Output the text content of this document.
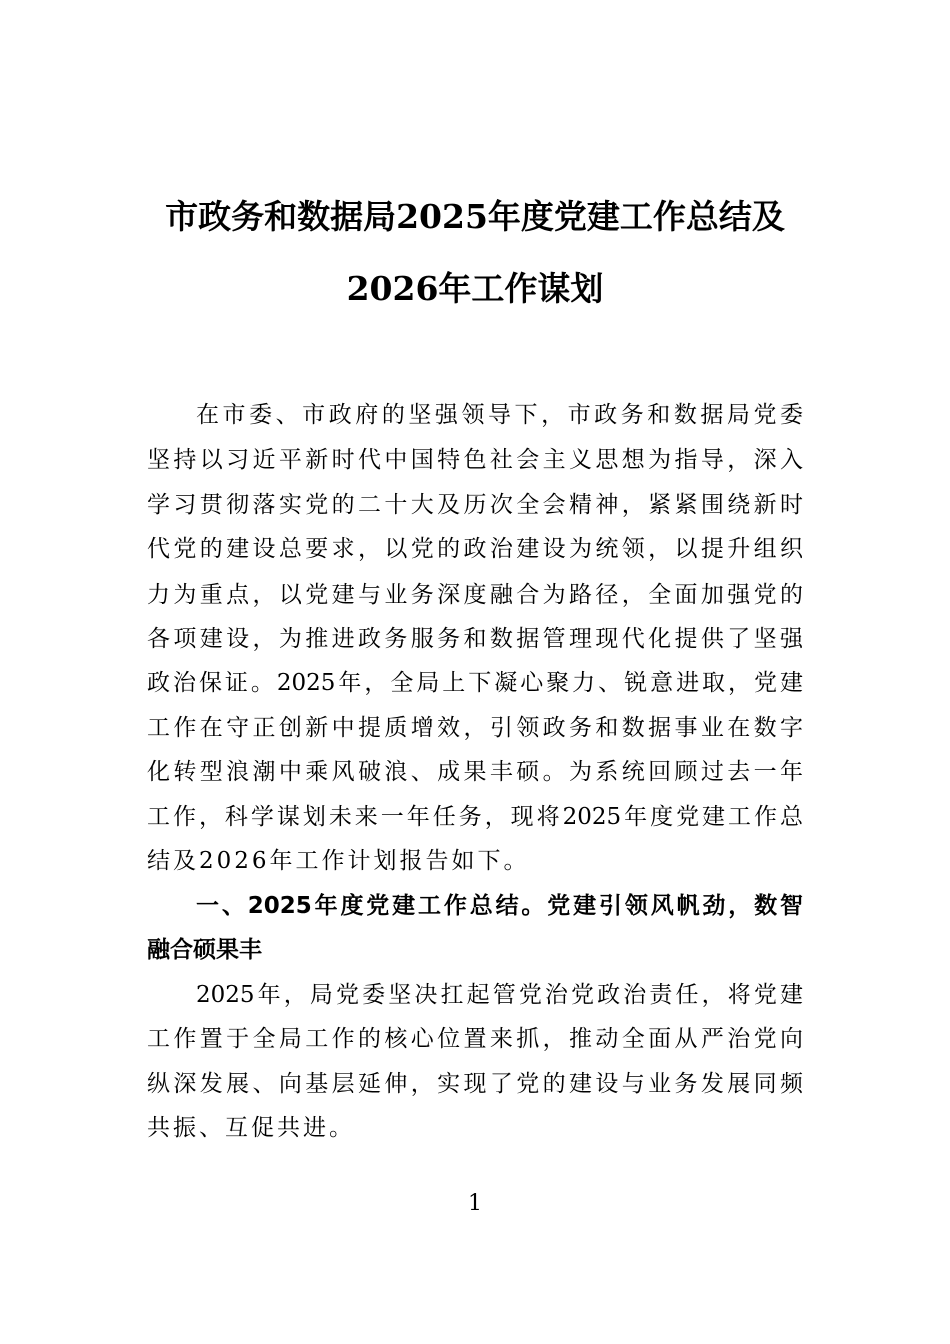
市政务和数据局2025年度党建工作总结及
2026年工作谋划
在市委、市政府的坚强领导下，市政务和数据局党委
坚持以习近平新时代中国特色社会主义思想为指导，深入
学习贯彻落实党的二十大及历次全会精神，紧紧围绕新时
代党的建设总要求，以党的政治建设为统领，以提升组织
力为重点，以党建与业务深度融合为路径，全面加强党的
各项建设，为推进政务服务和数据管理现代化提供了坚强
政治保证。2025年，全局上下凝心聚力、锐意进取，党建
工作在守正创新中提质增效，引领政务和数据事业在数字
化转型浪潮中乘风破浪、成果丰硕。为系统回顾过去一年
工作，科学谋划未来一年任务，现将2025年度党建工作总
结及2026年工作计划报告如下。
一、2025年度党建工作总结。党建引领风帆劲，数智
融合硕果丰
2025年，局党委坚决扛起管党治党政治责任，将党建
工作置于全局工作的核心位置来抓，推动全面从严治党向
纵深发展、向基层延伸，实现了党的建设与业务发展同频
共振、互促共进。
1
